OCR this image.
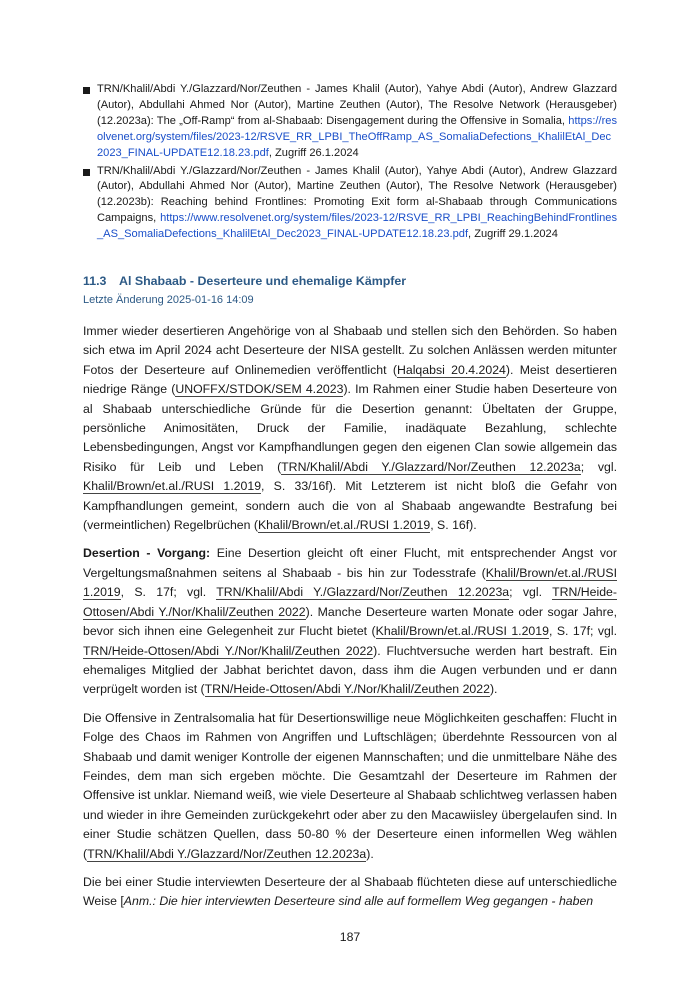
TRN/Khalil/Abdi Y./Glazzard/Nor/Zeuthen - James Khalil (Autor), Yahye Abdi (Autor), Andrew Glazzard (Autor), Abdullahi Ahmed Nor (Autor), Martine Zeuthen (Autor), The Resolve Network (Herausgeber) (12.2023a): The „Off-Ramp“ from al-Shabaab: Disengagement during the Offensive in Somalia, https://resolvenet.org/system/files/2023-12/RSVE_RR_LPBI_TheOffRamp_AS_SomaliaDefections_KhalilEtAl_Dec2023_FINAL-UPDATE12.18.23.pdf, Zugriff 26.1.2024
TRN/Khalil/Abdi Y./Glazzard/Nor/Zeuthen - James Khalil (Autor), Yahye Abdi (Autor), Andrew Glazzard (Autor), Abdullahi Ahmed Nor (Autor), Martine Zeuthen (Autor), The Resolve Network (Herausgeber) (12.2023b): Reaching behind Frontlines: Promoting Exit form al-Shabaab through Communications Campaigns, https://www.resolvenet.org/system/files/2023-12/RSVE_RR_LPBI_ReachingBehindFrontlines_AS_SomaliaDefections_KhalilEtAl_Dec2023_FINAL-UPDATE12.18.23.pdf, Zugriff 29.1.2024
11.3 Al Shabaab - Deserteure und ehemalige Kämpfer
Letzte Änderung 2025-01-16 14:09

Immer wieder desertieren Angehörige von al Shabaab und stellen sich den Behörden. So haben sich etwa im April 2024 acht Deserteure der NISA gestellt. Zu solchen Anlässen werden mitunter Fotos der Deserteure auf Onlinemedien veröffentlicht (Halqabsi 20.4.2024). Meist desertieren niedrige Ränge (UNOFFX/STDOK/SEM 4.2023). Im Rahmen einer Studie haben Deserteure von al Shabaab unterschiedliche Gründe für die Desertion genannt: Übeltaten der Gruppe, persönliche Animositäten, Druck der Familie, inadäquate Bezahlung, schlechte Lebensbedingungen, Angst vor Kampfhandlungen gegen den eigenen Clan sowie allgemein das Risiko für Leib und Leben (TRN/Khalil/Abdi Y./Glazzard/Nor/Zeuthen 12.2023a; vgl. Khalil/Brown/et.al./RUSI 1.2019, S. 33/16f). Mit Letzterem ist nicht bloß die Gefahr von Kampfhandlungen gemeint, sondern auch die von al Shabaab angewandte Bestrafung bei (vermeintlichen) Regelbrüchen (Khalil/Brown/et.al./RUSI 1.2019, S. 16f).

Desertion - Vorgang: Eine Desertion gleicht oft einer Flucht, mit entsprechender Angst vor Vergeltungsmaßnahmen seitens al Shabaab - bis hin zur Todesstrafe (Khalil/Brown/et.al./RUSI 1.2019, S. 17f; vgl. TRN/Khalil/Abdi Y./Glazzard/Nor/Zeuthen 12.2023a; vgl. TRN/Heide-Ottosen/Abdi Y./Nor/Khalil/Zeuthen 2022). Manche Deserteure warten Monate oder sogar Jahre, bevor sich ihnen eine Gelegenheit zur Flucht bietet (Khalil/Brown/et.al./RUSI 1.2019, S. 17f; vgl. TRN/Heide-Ottosen/Abdi Y./Nor/Khalil/Zeuthen 2022). Fluchtversuche werden hart bestraft. Ein ehemaliges Mitglied der Jabhat berichtet davon, dass ihm die Augen verbunden und er dann verprügelt worden ist (TRN/Heide-Ottosen/Abdi Y./Nor/Khalil/Zeuthen 2022).

Die Offensive in Zentralsomalia hat für Desertionswillige neue Möglichkeiten geschaffen: Flucht in Folge des Chaos im Rahmen von Angriffen und Luftschlägen; überdehnte Ressourcen von al Shabaab und damit weniger Kontrolle der eigenen Mannschaften; und die unmittelbare Nähe des Feindes, dem man sich ergeben möchte. Die Gesamtzahl der Deserteure im Rahmen der Offensive ist unklar. Niemand weiß, wie viele Deserteure al Shabaab schlichtweg verlassen haben und wieder in ihre Gemeinden zurückgekehrt oder aber zu den Macawiisley übergelaufen sind. In einer Studie schätzen Quellen, dass 50-80 % der Deserteure einen informellen Weg wählen (TRN/Khalil/Abdi Y./Glazzard/Nor/Zeuthen 12.2023a).

Die bei einer Studie interviewten Deserteure der al Shabaab flüchteten diese auf unterschiedliche Weise [Anm.: Die hier interviewten Deserteure sind alle auf formellem Weg gegangen - haben

187
